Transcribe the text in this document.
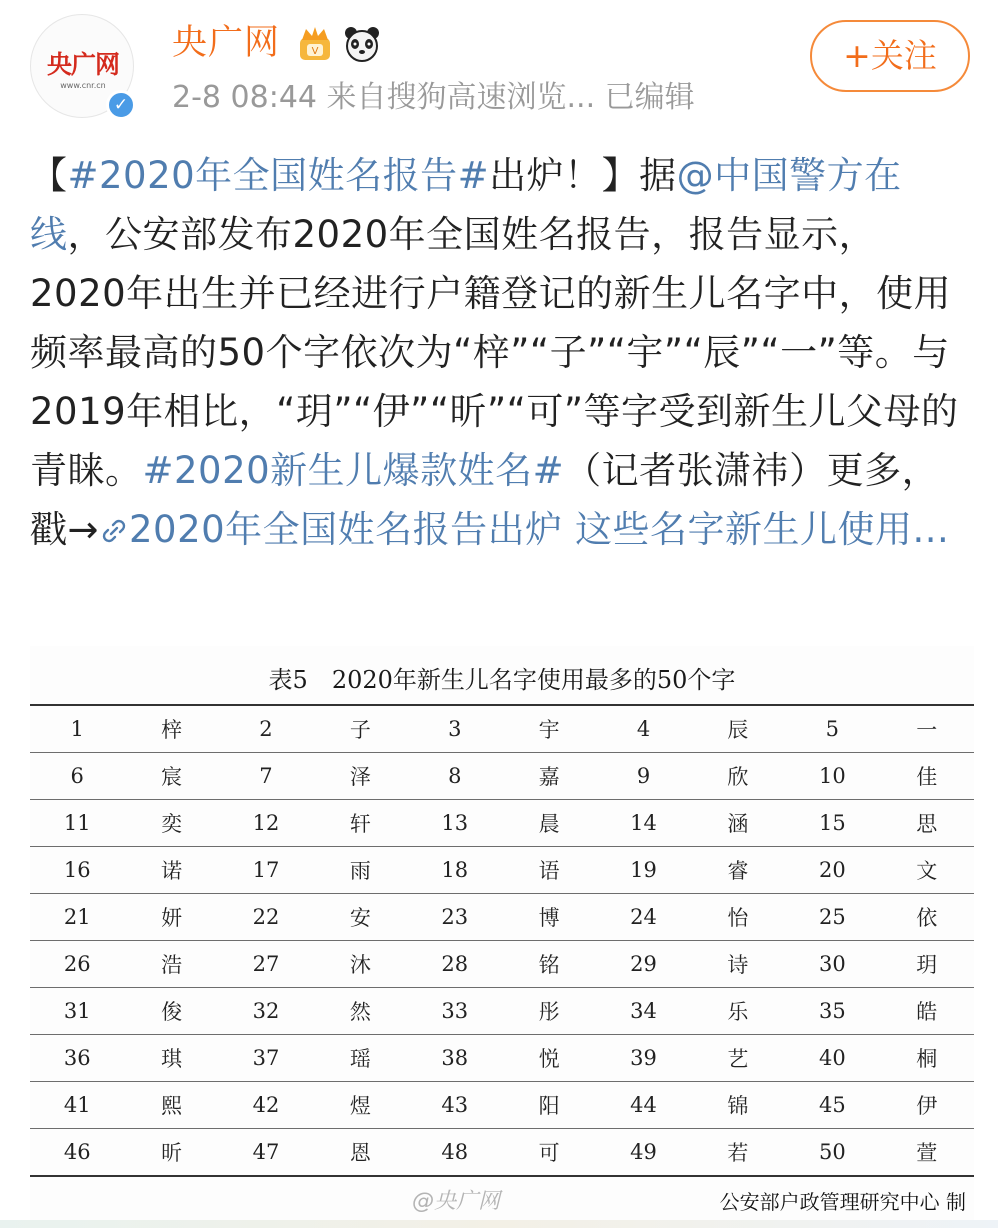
央广网
www.cnr.cn
✓
央广网	V
2-8 08:44 来自搜狗高速浏览... 已编辑
+关注
【#2020年全国姓名报告#出炉！】据@中国警方在线，公安部发布2020年全国姓名报告，报告显示，2020年出生并已经进行户籍登记的新生儿名字中，使用频率最高的50个字依次为“梓”“子”“宇”“辰”“一”等。与2019年相比，“玥”“伊”“昕”“可”等字受到新生儿父母的青睐。#2020新生儿爆款姓名#（记者张潇祎）更多，戳→ 2020年全国姓名报告出炉 这些名字新生儿使用...
表5　2020年新生儿名字使用最多的50个字
1	梓	2	子	3	宇	4	辰	5	一
6	宸	7	泽	8	嘉	9	欣	10	佳
11	奕	12	轩	13	晨	14	涵	15	思
16	诺	17	雨	18	语	19	睿	20	文
21	妍	22	安	23	博	24	怡	25	依
26	浩	27	沐	28	铭	29	诗	30	玥
31	俊	32	然	33	彤	34	乐	35	皓
36	琪	37	瑶	38	悦	39	艺	40	桐
41	熙	42	煜	43	阳	44	锦	45	伊
46	昕	47	恩	48	可	49	若	50	萱
@央广网	公安部户政管理研究中心 制
